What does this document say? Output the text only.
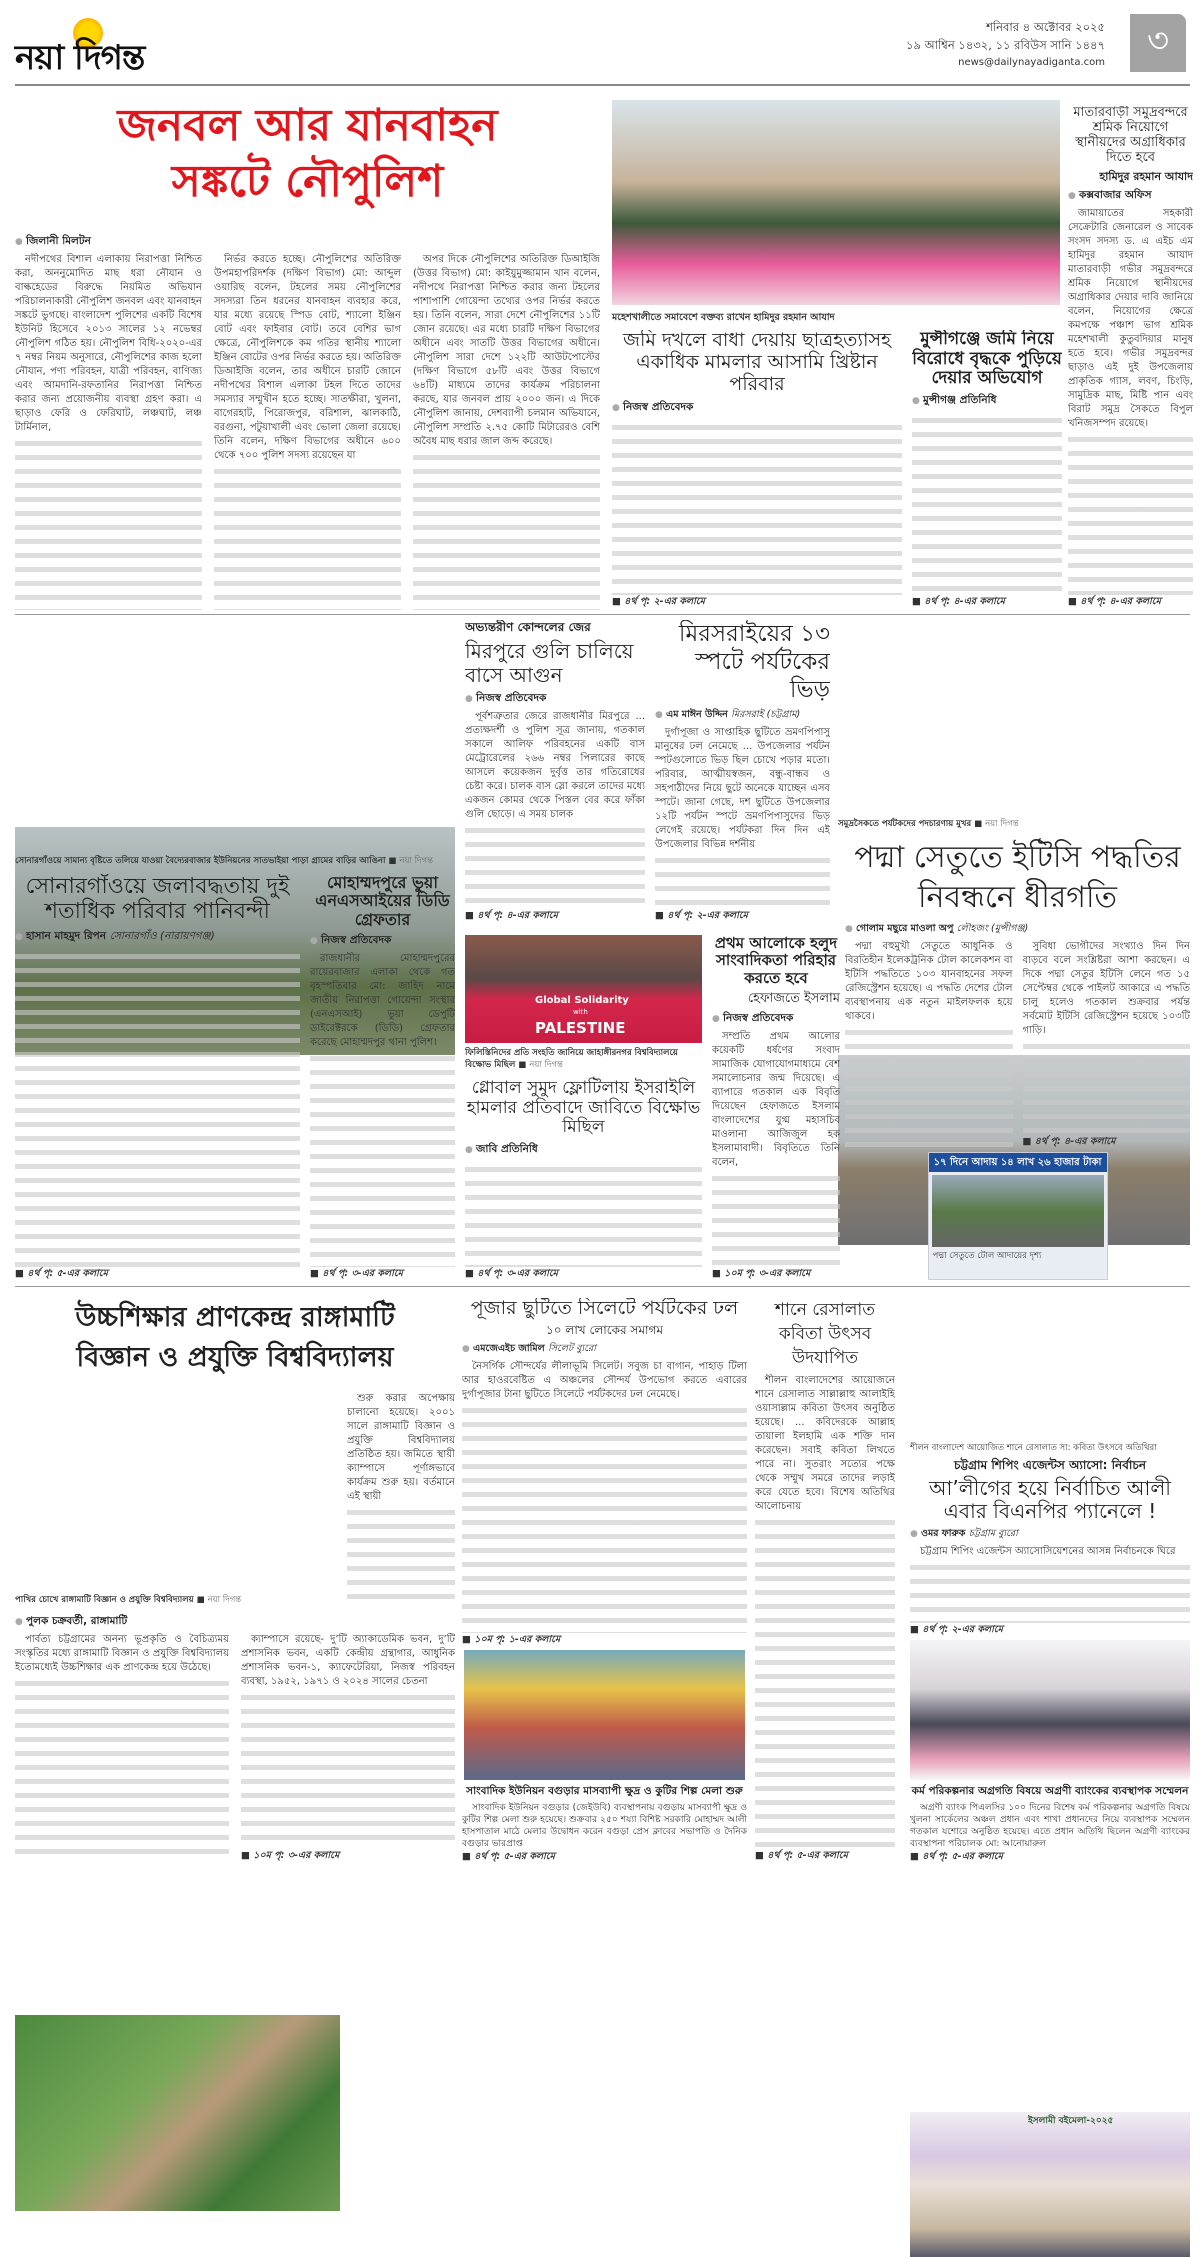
নয়া দিগন্ত
শনিবার ৪ অক্টোবর ২০২৫
১৯ আশ্বিন ১৪৩২, ১১ রবিউস সানি ১৪৪৭
news@dailynayadiganta.com
৩
জনবল আর যানবাহন
সঙ্কটে নৌপুলিশ
● জিলানী মিলটন

নদীপথের বিশাল এলাকায় নিরাপত্তা নিশ্চিত করা, অননুমোদিত মাছ ধরা নৌযান ও বাল্কহেডের বিরুদ্ধে নিয়মিত অভিযান পরিচালনাকারী নৌপুলিশ জনবল এবং যানবাহন সঙ্কটে ভুগছে। বাংলাদেশ পুলিশের একটি বিশেষ ইউনিট হিসেবে ২০১৩ সালের ১২ নভেম্বর নৌপুলিশ গঠিত হয়। নৌপুলিশ বিধি-২০২০-এর ৭ নম্বর নিয়ম অনুসারে, নৌপুলিশের কাজ হলো নৌযান, পণ্য পরিবহন, যাত্রী পরিবহন, বাণিজ্য এবং আমদানি-রফতানির নিরাপত্তা নিশ্চিত করার জন্য প্রয়োজনীয় ব্যবস্থা গ্রহণ করা। এ ছাড়াও ফেরি ও ফেরিঘাট, লঞ্চঘাট, লঞ্চ টার্মিনাল,

নির্ভর করতে হচ্ছে। নৌপুলিশের অতিরিক্ত উপমহাপরিদর্শক (দক্ষিণ বিভাগ) মো: আব্দুল ওয়ারিছ বলেন, টহলের সময় নৌপুলিশের সদস্যরা তিন ধরনের যানবাহন ব্যবহার করে, যার মধ্যে রয়েছে স্পিড বোট, শ্যালো ইঞ্জিন বোট এবং ফাইবার বোট। তবে বেশির ভাগ ক্ষেত্রে, নৌপুলিশকে কম গতির স্থানীয় শ্যালো ইঞ্জিন বোটের ওপর নির্ভর করতে হয়। অতিরিক্ত ডিআইজি বলেন, তার অধীনে চারটি জোনে নদীপথের বিশাল এলাকা টহল দিতে তাদের সমস্যার সম্মুখীন হতে হচ্ছে। সাতক্ষীরা, খুলনা, বাগেরহাট, পিরোজপুর, বরিশাল, ঝালকাঠি, বরগুনা, পটুয়াখালী এবং ভোলা জেলা রয়েছে। তিনি বলেন, দক্ষিণ বিভাগের অধীনে ৬০০ থেকে ৭০০ পুলিশ সদস্য রয়েছেন যা

অপর দিকে নৌপুলিশের অতিরিক্ত ডিআইজি (উত্তর বিভাগ) মো: কাইয়ুমুজ্জামান খান বলেন, নদীপথে নিরাপত্তা নিশ্চিত করার জন্য টহলের পাশাপাশি গোয়েন্দা তথ্যের ওপর নির্ভর করতে হয়। তিনি বলেন, সারা দেশে নৌপুলিশের ১১টি জোন রয়েছে। এর মধ্যে চারটি দক্ষিণ বিভাগের অধীনে এবং সাতটি উত্তর বিভাগের অধীনে। নৌপুলিশ সারা দেশে ১২২টি আউটপোস্টের (দক্ষিণ বিভাগে ৫৮টি এবং উত্তর বিভাগে ৬৪টি) মাধ্যমে তাদের কার্যক্রম পরিচালনা করছে, যার জনবল প্রায় ২০০০ জন। এ দিকে নৌপুলিশ জানায়, দেশব্যাপী চলমান অভিযানে, নৌপুলিশ সম্প্রতি ২.৭৫ কোটি মিটারেরও বেশি অবৈধ মাছ ধরার জাল জব্দ করেছে।

মহেশখালীতে সমাবেশে বক্তব্য রাখেন হামিদুর রহমান আযাদ
জমি দখলে বাধা দেয়ায় ছাত্রহত্যাসহ একাধিক মামলার আসামি খ্রিষ্টান পরিবার
● নিজস্ব প্রতিবেদক
■ ৪র্থ পৃ: ২-এর কলামে
মুন্সীগঞ্জে জমি নিয়ে বিরোধে বৃদ্ধকে পুড়িয়ে দেয়ার অভিযোগ
● মুন্সীগঞ্জ প্রতিনিধি
■ ৪র্থ পৃ: ৪-এর কলামে
মাতারবাড়ী সমুদ্রবন্দরে শ্রমিক নিয়োগে স্থানীয়দের অগ্রাধিকার দিতে হবে
হামিদুর রহমান আযাদ
● কক্সবাজার অফিস

জামায়াতের সহকারী সেক্রেটারি জেনারেল ও সাবেক সংসদ সদস্য ড. এ এইচ এম হামিদুর রহমান আযাদ মাতারবাড়ী গভীর সমুদ্রবন্দরে শ্রমিক নিয়োগে স্থানীয়দের অগ্রাধিকার দেয়ার দাবি জানিয়ে বলেন, নিয়োগের ক্ষেত্রে কমপক্ষে পঞ্চাশ ভাগ শ্রমিক মহেশখালী কুতুবদিয়ার মানুষ হতে হবে। গভীর সমুদ্রবন্দর ছাড়াও এই দুই উপজেলায় প্রাকৃতিক গ্যাস, লবণ, চিংড়ি, সামুদ্রিক মাছ, মিষ্টি পান এবং বিরাট সমুদ্র সৈকতে বিপুল খনিজসম্পদ রয়েছে।

■ ৪র্থ পৃ: ৪-এর কলামে
সোনারগাঁওয়ে সামান্য বৃষ্টিতে তলিয়ে যাওয়া বৈদ্যেরবাজার ইউনিয়নের সাতভাইয়া পাড়া গ্রামের বাড়ির আঙিনা ■ নয়া দিগন্ত
সোনারগাঁওয়ে জলাবদ্ধতায় দুই শতাধিক পরিবার পানিবন্দী
● হাসান মাহমুদ রিপন সোনারগাঁও (নারায়ণগঞ্জ)
■ ৪র্থ পৃ: ৫-এর কলামে
মোহাম্মদপুরে ভুয়া এনএসআইয়ের ডিডি গ্রেফতার
● নিজস্ব প্রতিবেদক

রাজধানীর মোহাম্মদপুরের রায়েরবাজার এলাকা থেকে গত বৃহস্পতিবার মো: জাহিদ নামে জাতীয় নিরাপত্তা গোয়েন্দা সংস্থার (এনএসআই) ভুয়া ডেপুটি ডাইরেক্টরকে (ডিডি) গ্রেফতার করেছে মোহাম্মদপুর থানা পুলিশ।

■ ৪র্থ পৃ: ৩-এর কলামে
অভ্যন্তরীণ কোন্দলের জের
মিরপুরে গুলি চালিয়ে বাসে আগুন
● নিজস্ব প্রতিবেদক

পূর্বশত্রুতার জেরে রাজধানীর মিরপুরে ... প্রত্যক্ষদর্শী ও পুলিশ সূত্র জানায়, গতকাল সকালে আলিফ পরিবহনের একটি বাস মেট্রোরেলের ২৬৬ নম্বর পিলারের কাছে আসলে কয়েকজন দুর্বৃত্ত তার গতিরোধের চেষ্টা করে। চালক বাস স্লো করলে তাদের মধ্যে একজন কোমর থেকে পিস্তল বের করে ফাঁকা গুলি ছোড়ে। এ সময় চালক

■ ৪র্থ পৃ: ৪-এর কলামে
মিরসরাইয়ের ১৩ স্পটে পর্যটকের ভিড়
● এম মাঈন উদ্দিন মিরসরাই (চট্টগ্রাম)

দুর্গাপূজা ও সাপ্তাহিক ছুটিতে ভ্রমণপিপাসু মানুষের ঢল নেমেছে ... উপজেলার পর্যটন স্পটগুলোতে ভিড় ছিল চোখে পড়ার মতো। পরিবার, আত্মীয়স্বজন, বন্ধু-বান্ধব ও সহপাঠীদের নিয়ে ছুটে অনেকে যাচ্ছেন এসব স্পটে। জানা গেছে, দশ ছুটিতে উপজেলার ১২টি পর্যটন স্পটে ভ্রমণপিপাসুদের ভিড় লেগেই রয়েছে। পর্যটকরা দিন দিন এই উপজেলার বিভিন্ন দর্শনীয়

■ ৪র্থ পৃ: ২-এর কলামে
সমুদ্রসৈকতে পর্যটকদের পদচারণায় মুখর ■ নয়া দিগন্ত
পদ্মা সেতুতে ইটিসি পদ্ধতির নিবন্ধনে ধীরগতি
● গোলাম মছুরে মাওলা অপু লৌহজং (মুন্সীগঞ্জ)

পদ্মা বহুমুখী সেতুতে আধুনিক ও বিরতিহীন ইলেকট্রনিক টোল কালেকশন বা ইটিসি পদ্ধতিতে ১০৩ যানবাহনের সফল রেজিস্ট্রেশন হয়েছে। এ পদ্ধতি দেশের টোল ব্যবস্থাপনায় এক নতুন মাইলফলক হয়ে থাকবে।

সুবিধা ভোগীদের সংখ্যাও দিন দিন বাড়বে বলে সংশ্লিষ্টরা আশা করছেন। এ দিকে পদ্মা সেতুর ইটিসি লেনে গত ১৫ সেপ্টেম্বর থেকে পাইলট আকারে এ পদ্ধতি চালু হলেও গতকাল শুক্রবার পর্যন্ত সর্বমোট ইটিসি রেজিস্ট্রেশন হয়েছে ১০৩টি গাড়ি।

■ ৪র্থ পৃ: ৪-এর কলামে
১৭ দিনে আদায় ১৪ লাখ ২৬ হাজার টাকা
পদ্মা সেতুতে টোল আদায়ের দৃশ্য
Global Solidarity
with
PALESTINE
ফিলিস্তিনিদের প্রতি সংহতি জানিয়ে জাহাঙ্গীরনগর বিশ্ববিদ্যালয়ে বিক্ষোভ মিছিল ■ নয়া দিগন্ত
গ্লোবাল সুমুদ ফ্লোটিলায় ইসরাইলি হামলার প্রতিবাদে জাবিতে বিক্ষোভ মিছিল
● জাবি প্রতিনিধি
■ ৪র্থ পৃ: ৩-এর কলামে
প্রথম আলোকে হলুদ সাংবাদিকতা পরিহার করতে হবে
হেফাজতে ইসলাম
● নিজস্ব প্রতিবেদক

সম্প্রতি প্রথম আলোর কয়েকটি ধর্ষণের সংবাদ সামাজিক যোগাযোগমাধ্যমে বেশ সমালোচনার জন্ম দিয়েছে। এ ব্যাপারে গতকাল এক বিবৃতি দিয়েছেন হেফাজতে ইসলাম বাংলাদেশের যুগ্ম মহাসচিব মাওলানা আজিজুল হক ইসলামাবাদী। বিবৃতিতে তিনি বলেন,

■ ১০ম পৃ: ৩-এর কলামে
উচ্চশিক্ষার প্রাণকেন্দ্র রাঙ্গামাটি
বিজ্ঞান ও প্রযুক্তি বিশ্ববিদ্যালয়
পাখির চোখে রাঙ্গামাটি বিজ্ঞান ও প্রযুক্তি বিশ্ববিদ্যালয় ■ নয়া দিগন্ত

শুরু করার অপেক্ষায় চালানো হয়েছে। ২০০১ সালে রাঙ্গামাটি বিজ্ঞান ও প্রযুক্তি বিশ্ববিদ্যালয় প্রতিষ্ঠিত হয়। জমিতে স্থায়ী ক্যাম্পাসে পূর্ণাঙ্গভাবে কার্যক্রম শুরু হয়। বর্তমানে এই স্থায়ী

● পুলক চক্রবর্তী, রাঙ্গামাটি

পার্বত্য চট্টগ্রামের অনন্য ভূপ্রকৃতি ও বৈচিত্র্যময় সংস্কৃতির মধ্যে রাঙ্গামাটি বিজ্ঞান ও প্রযুক্তি বিশ্ববিদ্যালয় ইতোমধ্যেই উচ্চশিক্ষার এক প্রাণকেন্দ্র হয়ে উঠেছে।

ক্যাম্পাসে রয়েছে- দু’টি অ্যাকাডেমিক ভবন, দু’টি প্রশাসনিক ভবন, একটি কেন্দ্রীয় গ্রন্থাগার, আধুনিক প্রশাসনিক ভবন-১, ক্যাফেটেরিয়া, নিজস্ব পরিবহন ব্যবস্থা, ১৯৫২, ১৯৭১ ও ২০২৪ সালের চেতনা

■ ১০ম পৃ: ৩-এর কলামে
পূজার ছুটিতে সিলেটে পর্যটকের ঢল
১০ লাখ লোকের সমাগম
● এমজেএইচ জামিল সিলেট ব্যুরো

নৈসর্গিক সৌন্দর্যের লীলাভূমি সিলেট। সবুজ চা বাগান, পাহাড় টিলা আর হাওরবেষ্টিত এ অঞ্চলের সৌন্দর্য উপভোগ করতে এবারের দুর্গাপূজার টানা ছুটিতে সিলেটে পর্যটকদের ঢল নেমেছে।

■ ১০ম পৃ: ১-এর কলামে
সাংবাদিক ইউনিয়ন বগুড়ার মাসব্যাপী ক্ষুদ্র ও কুটির শিল্প মেলা শুরু

সাংবাদিক ইউনিয়ন বগুড়ার (জেইউবি) ব্যবস্থাপনায় বগুড়ায় মাসব্যাপী ক্ষুদ্র ও কুটির শিল্প মেলা শুরু হয়েছে। শুক্রবার ২৫০ শয্যা বিশিষ্ট সরকারি মোহাম্মদ আলী হাসপাতাল মাঠে মেলার উদ্বোধন করেন বগুড়া প্রেস ক্লাবের সভাপতি ও দৈনিক বগুড়ার ভারপ্রাপ্ত

■ ৪র্থ পৃ: ৫-এর কলামে
শানে রেসালাত কবিতা উৎসব উদযাপিত

শীলন বাংলাদেশের আয়োজনে শানে রেসালাত সাল্লাল্লাহু আলাইহি ওয়াসাল্লাম কবিতা উৎসব অনুষ্ঠিত হয়েছে। ... কবিদেরকে আল্লাহ তায়ালা ইলহামি এক শক্তি দান করেছেন। সবাই কবিতা লিখতে পারে না। সুতরাং সত্যের পক্ষে থেকে সম্মুখ সমরে তাদের লড়াই করে যেতে হবে। বিশেষ অতিথির আলোচনায়

■ ৪র্থ পৃ: ৫-এর কলামে
ইসলামী বইমেলা-২০২৫
শীলন বাংলাদেশ আয়োজিত শানে রেসালাত সা: কবিতা উৎসবে অতিথিরা
চট্টগ্রাম শিপিং এজেন্টস অ্যাসো: নির্বাচন
আ’লীগের হয়ে নির্বাচিত আলী এবার বিএনপির প্যানেলে !
● ওমর ফারুক চট্টগ্রাম ব্যুরো

চট্টগ্রাম শিপিং এজেন্টস অ্যাসোসিয়েশনের আসন্ন নির্বাচনকে ঘিরে

■ ৪র্থ পৃ: ২-এর কলামে
কর্ম পরিকল্পনার অগ্রগতি বিষয়ে অগ্রণী ব্যাংকের ব্যবস্থাপক সম্মেলন

অগ্রণী ব্যাংক পিএলসির ১০০ দিনের বিশেষ কর্ম পরিকল্পনার অগ্রগতি বিষয়ে খুলনা সার্কেলের অঞ্চল প্রধান এবং শাখা প্রধানদের নিয়ে ব্যবস্থাপক সম্মেলন গতকাল যশোরে অনুষ্ঠিত হয়েছে। এতে প্রধান অতিথি ছিলেন অগ্রণী ব্যাংকের ব্যবস্থাপনা পরিচালক মো: আনোয়ারুল

■ ৪র্থ পৃ: ৫-এর কলামে
